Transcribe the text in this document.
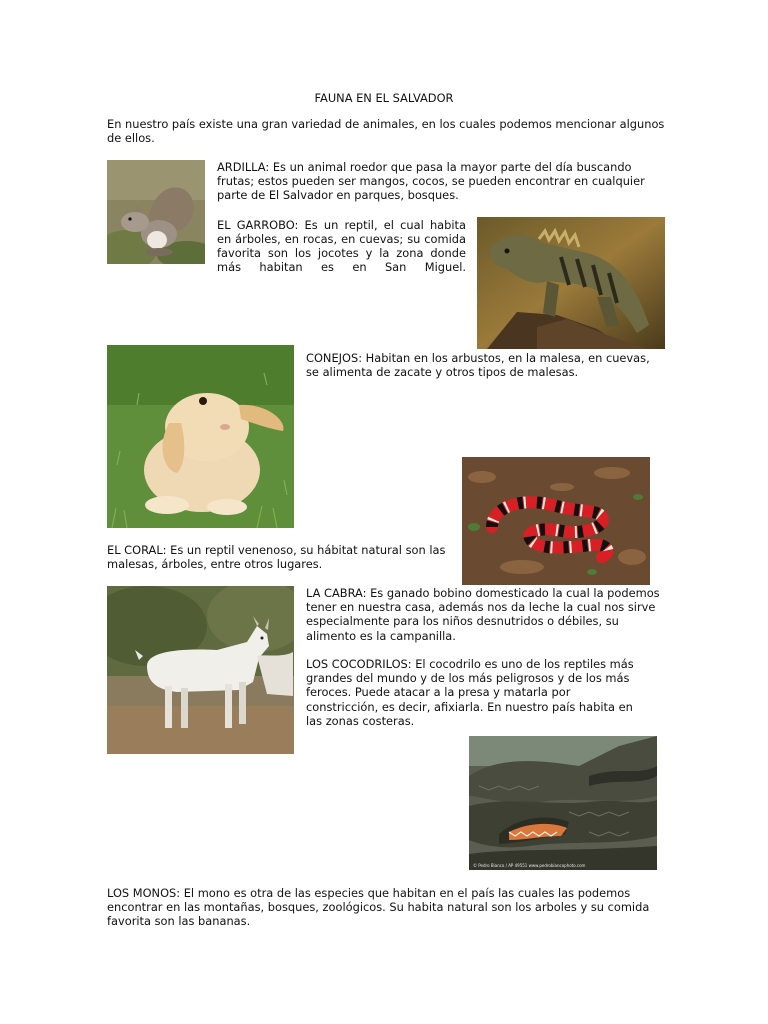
FAUNA EN EL SALVADOR

En nuestro país existe una gran variedad de animales, en los cuales podemos mencionar algunos de ellos.

ARDILLA: Es un animal roedor que pasa la mayor parte del día buscando frutas; estos pueden ser mangos, cocos, se pueden encontrar en cualquier parte de El Salvador en parques, bosques.

EL GARROBO: Es un reptil, el cual habita

en árboles, en rocas, en cuevas; su comida

favorita son los jocotes y la zona donde

más habitan es en San Miguel.

CONEJOS: Habitan en los arbustos, en la malesa, en cuevas, se alimenta de zacate y otros tipos de malesas.

EL CORAL: Es un reptil venenoso, su hábitat natural son las malesas, árboles, entre otros lugares.

LA CABRA: Es ganado bobino domesticado la cual la podemos tener en nuestra casa, además nos da leche la cual nos sirve especialmente para los niños desnutridos o débiles, su alimento es la campanilla.

LOS COCODRILOS: El cocodrilo es uno de los reptiles más grandes del mundo y de los más peligrosos y de los más feroces. Puede atacar a la presa y matarla por constricción, es decir, afixiarla. En nuestro país habita en las zonas costeras.

© Pedro Bianco / AP 49551 www.pedrobiancophoto.com

LOS MONOS: El mono es otra de las especies que habitan en el país las cuales las podemos encontrar en las montañas, bosques, zoológicos. Su habita natural son los arboles y su comida favorita son las bananas.
